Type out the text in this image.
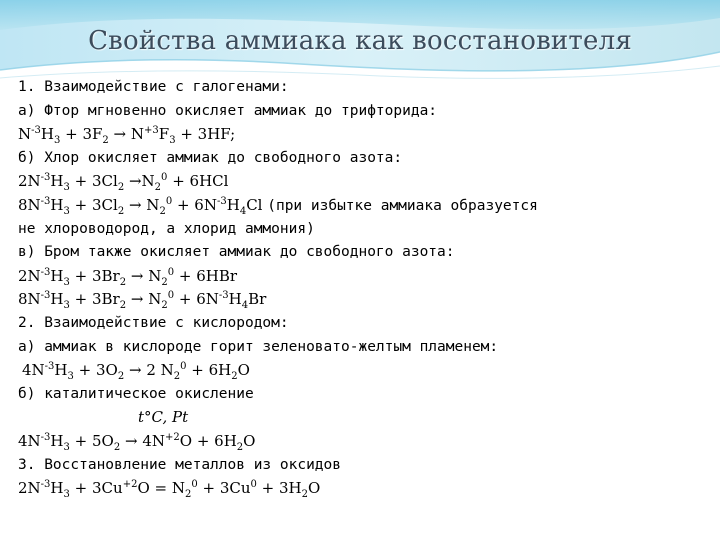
Свойства аммиака как восстановителя
1. Взаимодействие с галогенами:
а) Фтор мгновенно окисляет аммиак до трифторида:
$N^{-3}H_3 + 3F_2 \to N^{+3}F_3 + 3HF$;
б) Хлор окисляет аммиак до свободного азота:
$2N^{-3}H_3 + 3Cl_2 \to N_2^0 + 6HCl$
$8N^{-3}H_3 + 3Cl_2 \to N_2^0 + 6N^{-3}H_4Cl$ (при избытке аммиака образуется
не хлороводород, а хлорид аммония)
в) Бром также окисляет аммиак до свободного азота:
$2N^{-3}H_3 + 3Br_2 \to N_2^0 + 6HBr$
$8N^{-3}H_3 + 3Br_2 \to N_2^0 + 6N^{-3}H_4Br$
2. Взаимодействие с кислородом:
а) аммиак в кислороде горит зеленовато-желтым пламенем:
$4N^{-3}H_3 + 3O_2 \to 2$ $N_2^0 + 6H_2O$
б) каталитическое окисление
t°C, Pt
$4N^{-3}H_3 + 5O_2 \to 4N^{+2}O + 6H_2O$
3. Восстановление металлов из оксидов
$2N^{-3}H_3 + 3Cu^{+2}O = N_2^0 + 3Cu^0 + 3H_2O$
